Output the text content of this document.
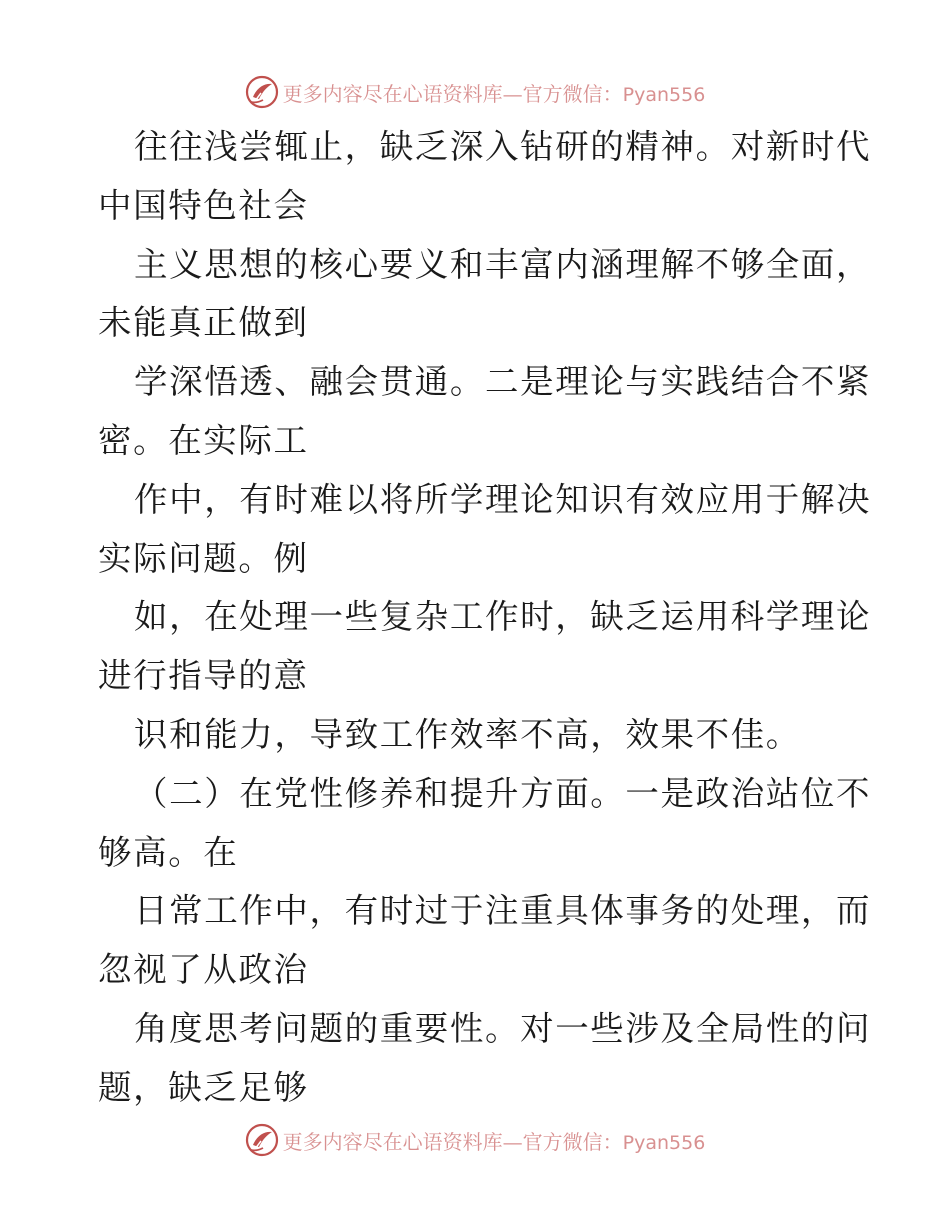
更多内容尽在心语资料库—官方微信：Pyan556

往往浅尝辄止，缺乏深入钻研的精神。对新时代

中国特色社会

主义思想的核心要义和丰富内涵理解不够全面，

未能真正做到

学深悟透、融会贯通。二是理论与实践结合不紧

密。在实际工

作中，有时难以将所学理论知识有效应用于解决

实际问题。例

如，在处理一些复杂工作时，缺乏运用科学理论

进行指导的意

识和能力，导致工作效率不高，效果不佳。

（二）在党性修养和提升方面。一是政治站位不

够高。在

日常工作中，有时过于注重具体事务的处理，而

忽视了从政治

角度思考问题的重要性。对一些涉及全局性的问

题，缺乏足够

更多内容尽在心语资料库—官方微信：Pyan556
